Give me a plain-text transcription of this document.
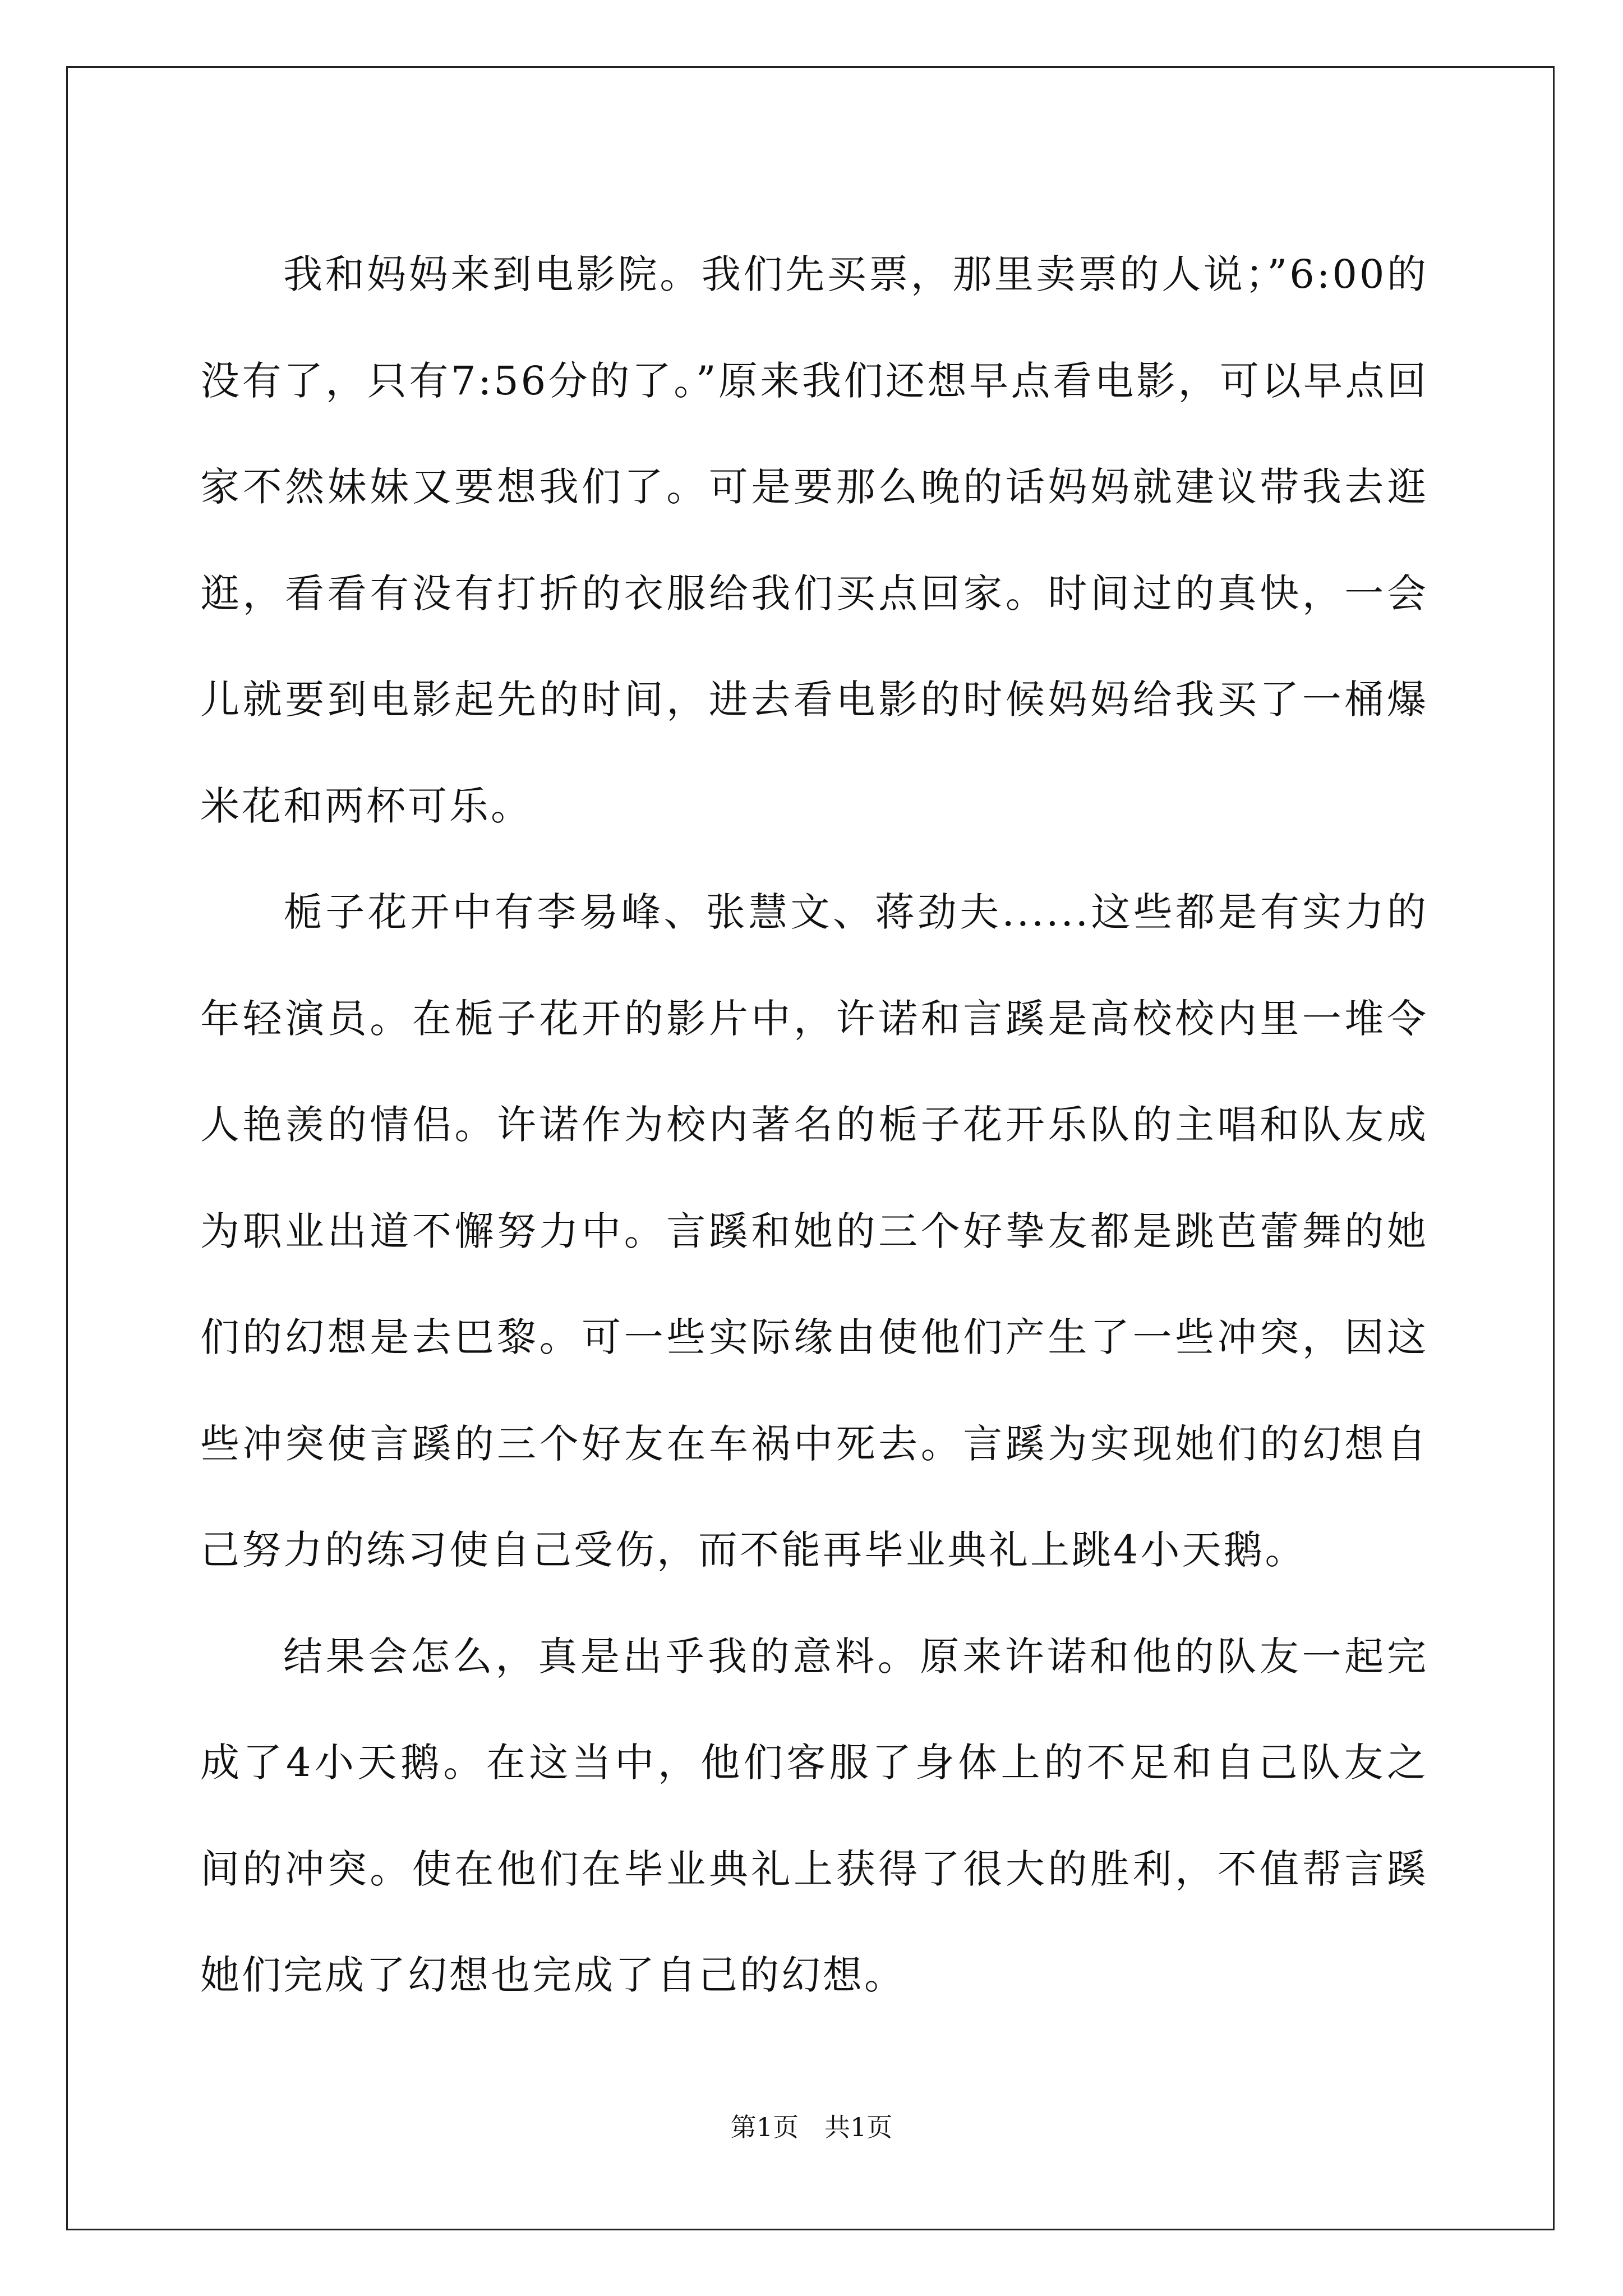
我和妈妈来到电影院。我们先买票，那里卖票的人说；”6:00的没有了，只有7:56分的了。”原来我们还想早点看电影，可以早点回家不然妹妹又要想我们了。可是要那么晚的话妈妈就建议带我去逛逛，看看有没有打折的衣服给我们买点回家。时间过的真快，一会儿就要到电影起先的时间，进去看电影的时候妈妈给我买了一桶爆米花和两杯可乐。

栀子花开中有李易峰、张慧文、蒋劲夫......这些都是有实力的年轻演员。在栀子花开的影片中，许诺和言蹊是高校校内里一堆令人艳羡的情侣。许诺作为校内著名的栀子花开乐队的主唱和队友成为职业出道不懈努力中。言蹊和她的三个好挚友都是跳芭蕾舞的她们的幻想是去巴黎。可一些实际缘由使他们产生了一些冲突，因这些冲突使言蹊的三个好友在车祸中死去。言蹊为实现她们的幻想自己努力的练习使自己受伤，而不能再毕业典礼上跳4小天鹅。

结果会怎么，真是出乎我的意料。原来许诺和他的队友一起完成了4小天鹅。在这当中，他们客服了身体上的不足和自己队友之间的冲突。使在他们在毕业典礼上获得了很大的胜利，不值帮言蹊她们完成了幻想也完成了自己的幻想。

第1页 共1页
